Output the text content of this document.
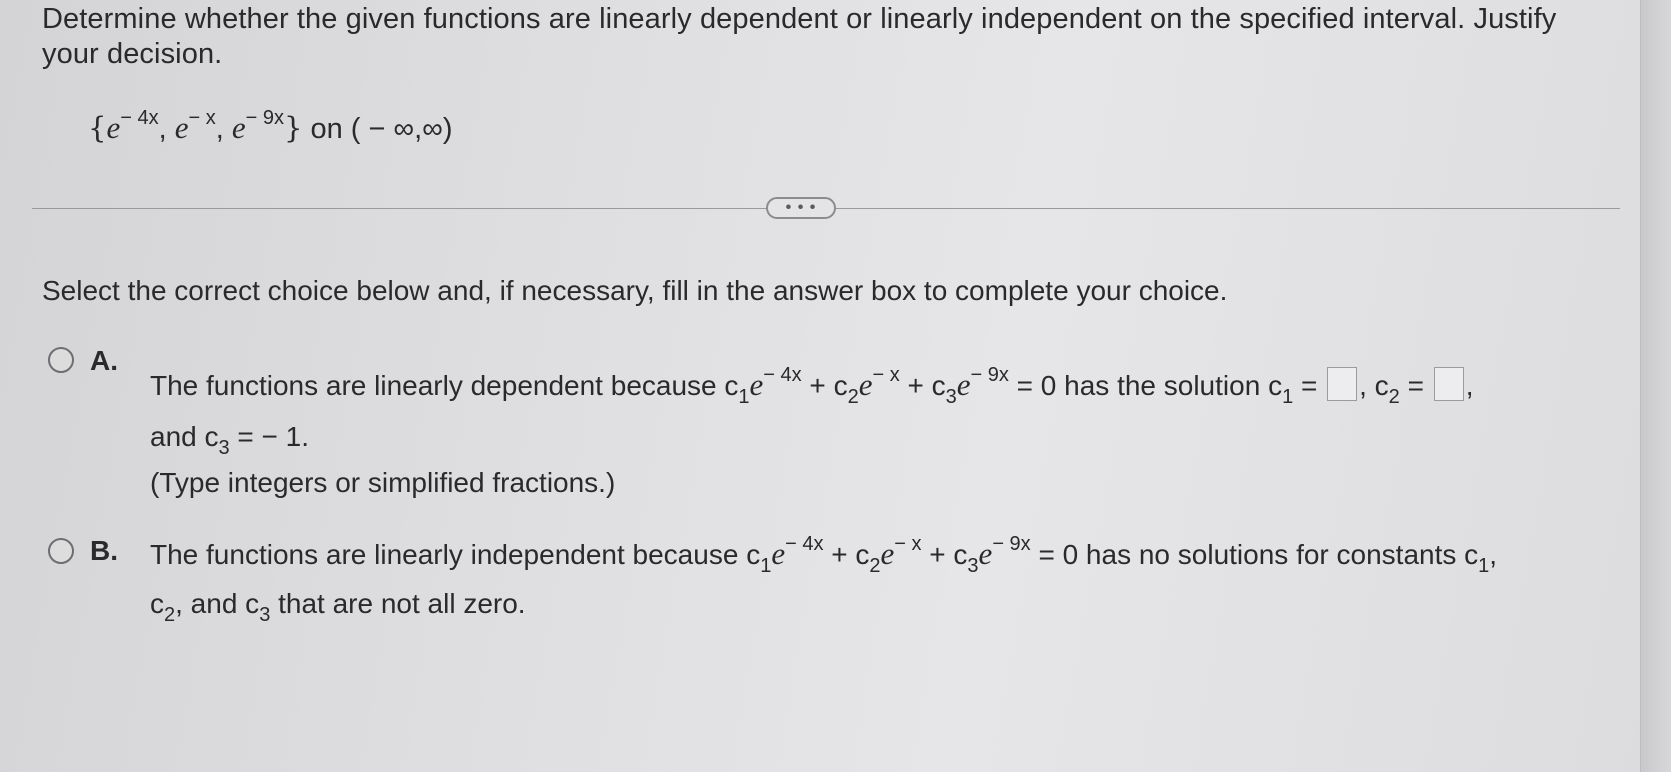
Determine whether the given functions are linearly dependent or linearly independent on the specified interval. Justify your decision.
{$e^{- 4x}$, $e^{- x}$, $e^{- 9x}$} on ( − ∞,∞)
• • •
Select the correct choice below and, if necessary, fill in the answer box to complete your choice.
A.
The functions are linearly dependent because $c_1e^{- 4x} + c_2e^{- x} + c_3e^{- 9x} = 0$ has the solution $c_1$ = , $c_2$ = ,
and $c_3$ = − 1.
(Type integers or simplified fractions.)
B. The functions are linearly independent because $c_1e^{- 4x} + c_2e^{- x} + c_3e^{- 9x} = 0$ has no solutions for constants $c_1$,
$c_2$, and $c_3$ that are not all zero.
